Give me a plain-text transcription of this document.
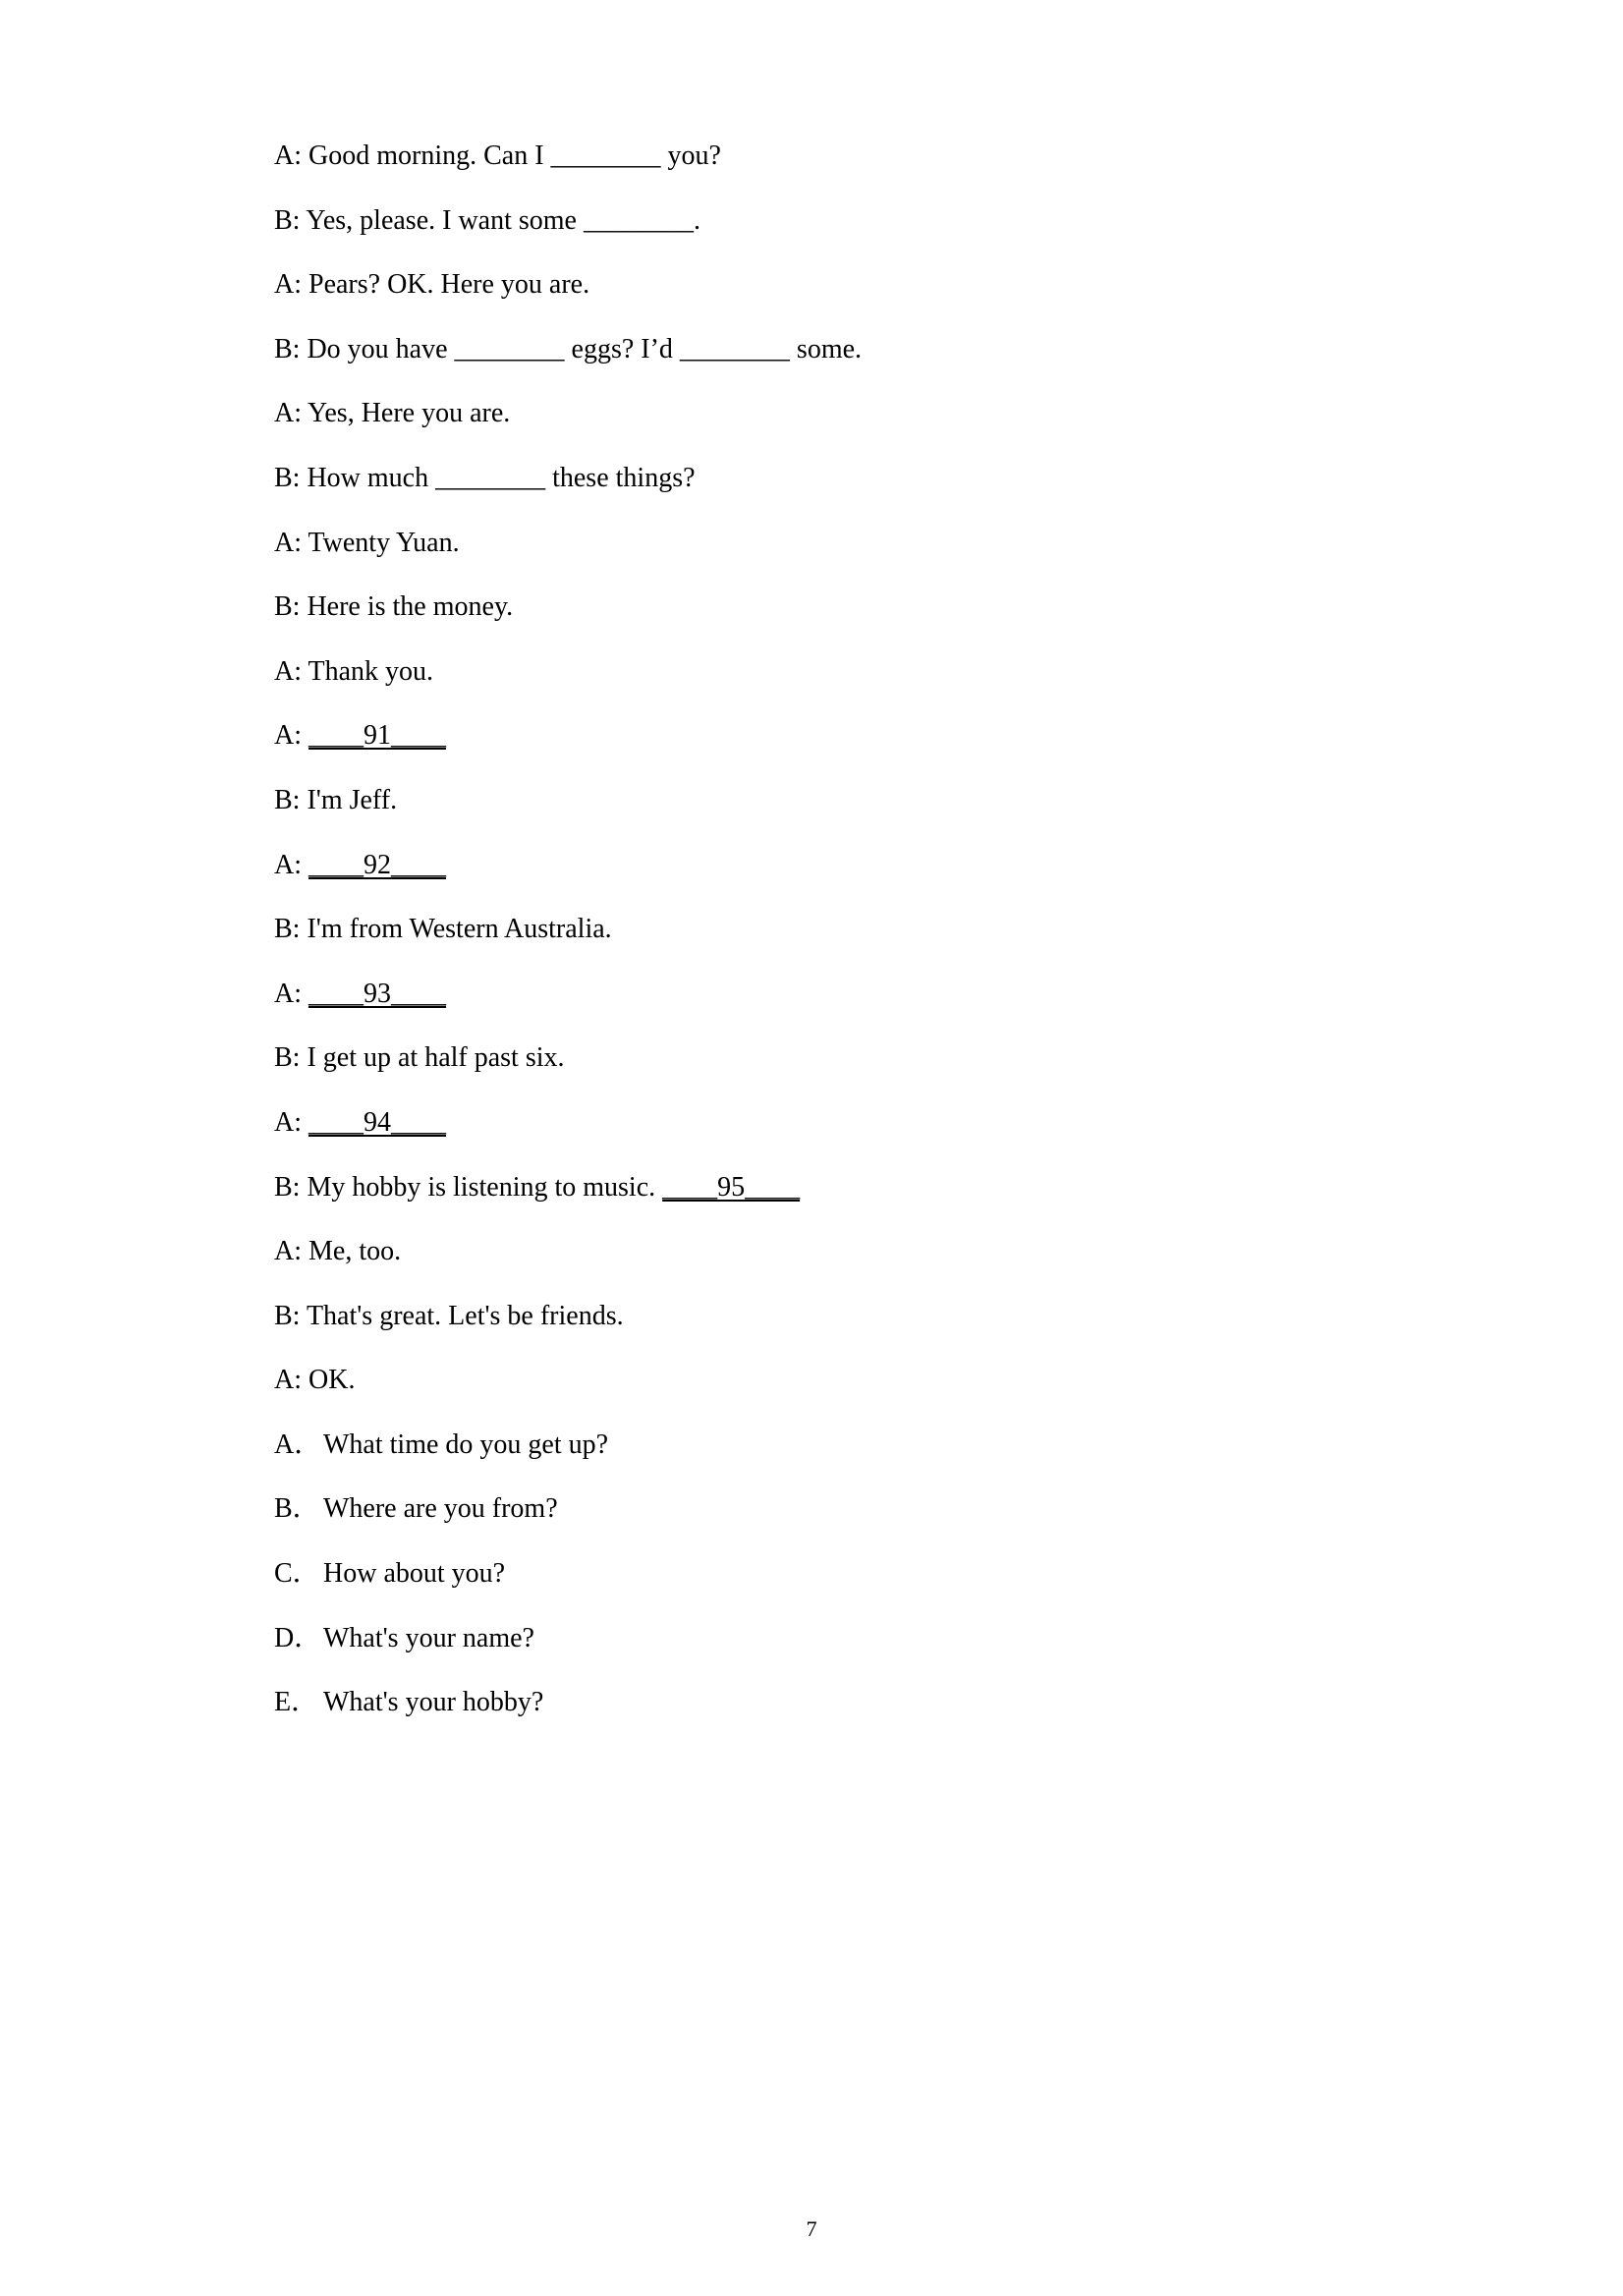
A: Good morning. Can I ________ you?
B: Yes, please. I want some ________.
A: Pears? OK. Here you are.
B: Do you have ________ eggs? I’d ________ some.
A: Yes, Here you are.
B: How much ________ these things?
A: Twenty Yuan.
B: Here is the money.
A: Thank you.
A: ____91____
B: I'm Jeff.
A: ____92____
B: I'm from Western Australia.
A: ____93____
B: I get up at half past six.
A: ____94____
B: My hobby is listening to music. ____95____
A: Me, too.
B: That's great. Let's be friends.
A: OK.
A．What time do you get up?
B． Where are you from?
C． How about you?
D．What's your name?
E． What's your hobby?
7
